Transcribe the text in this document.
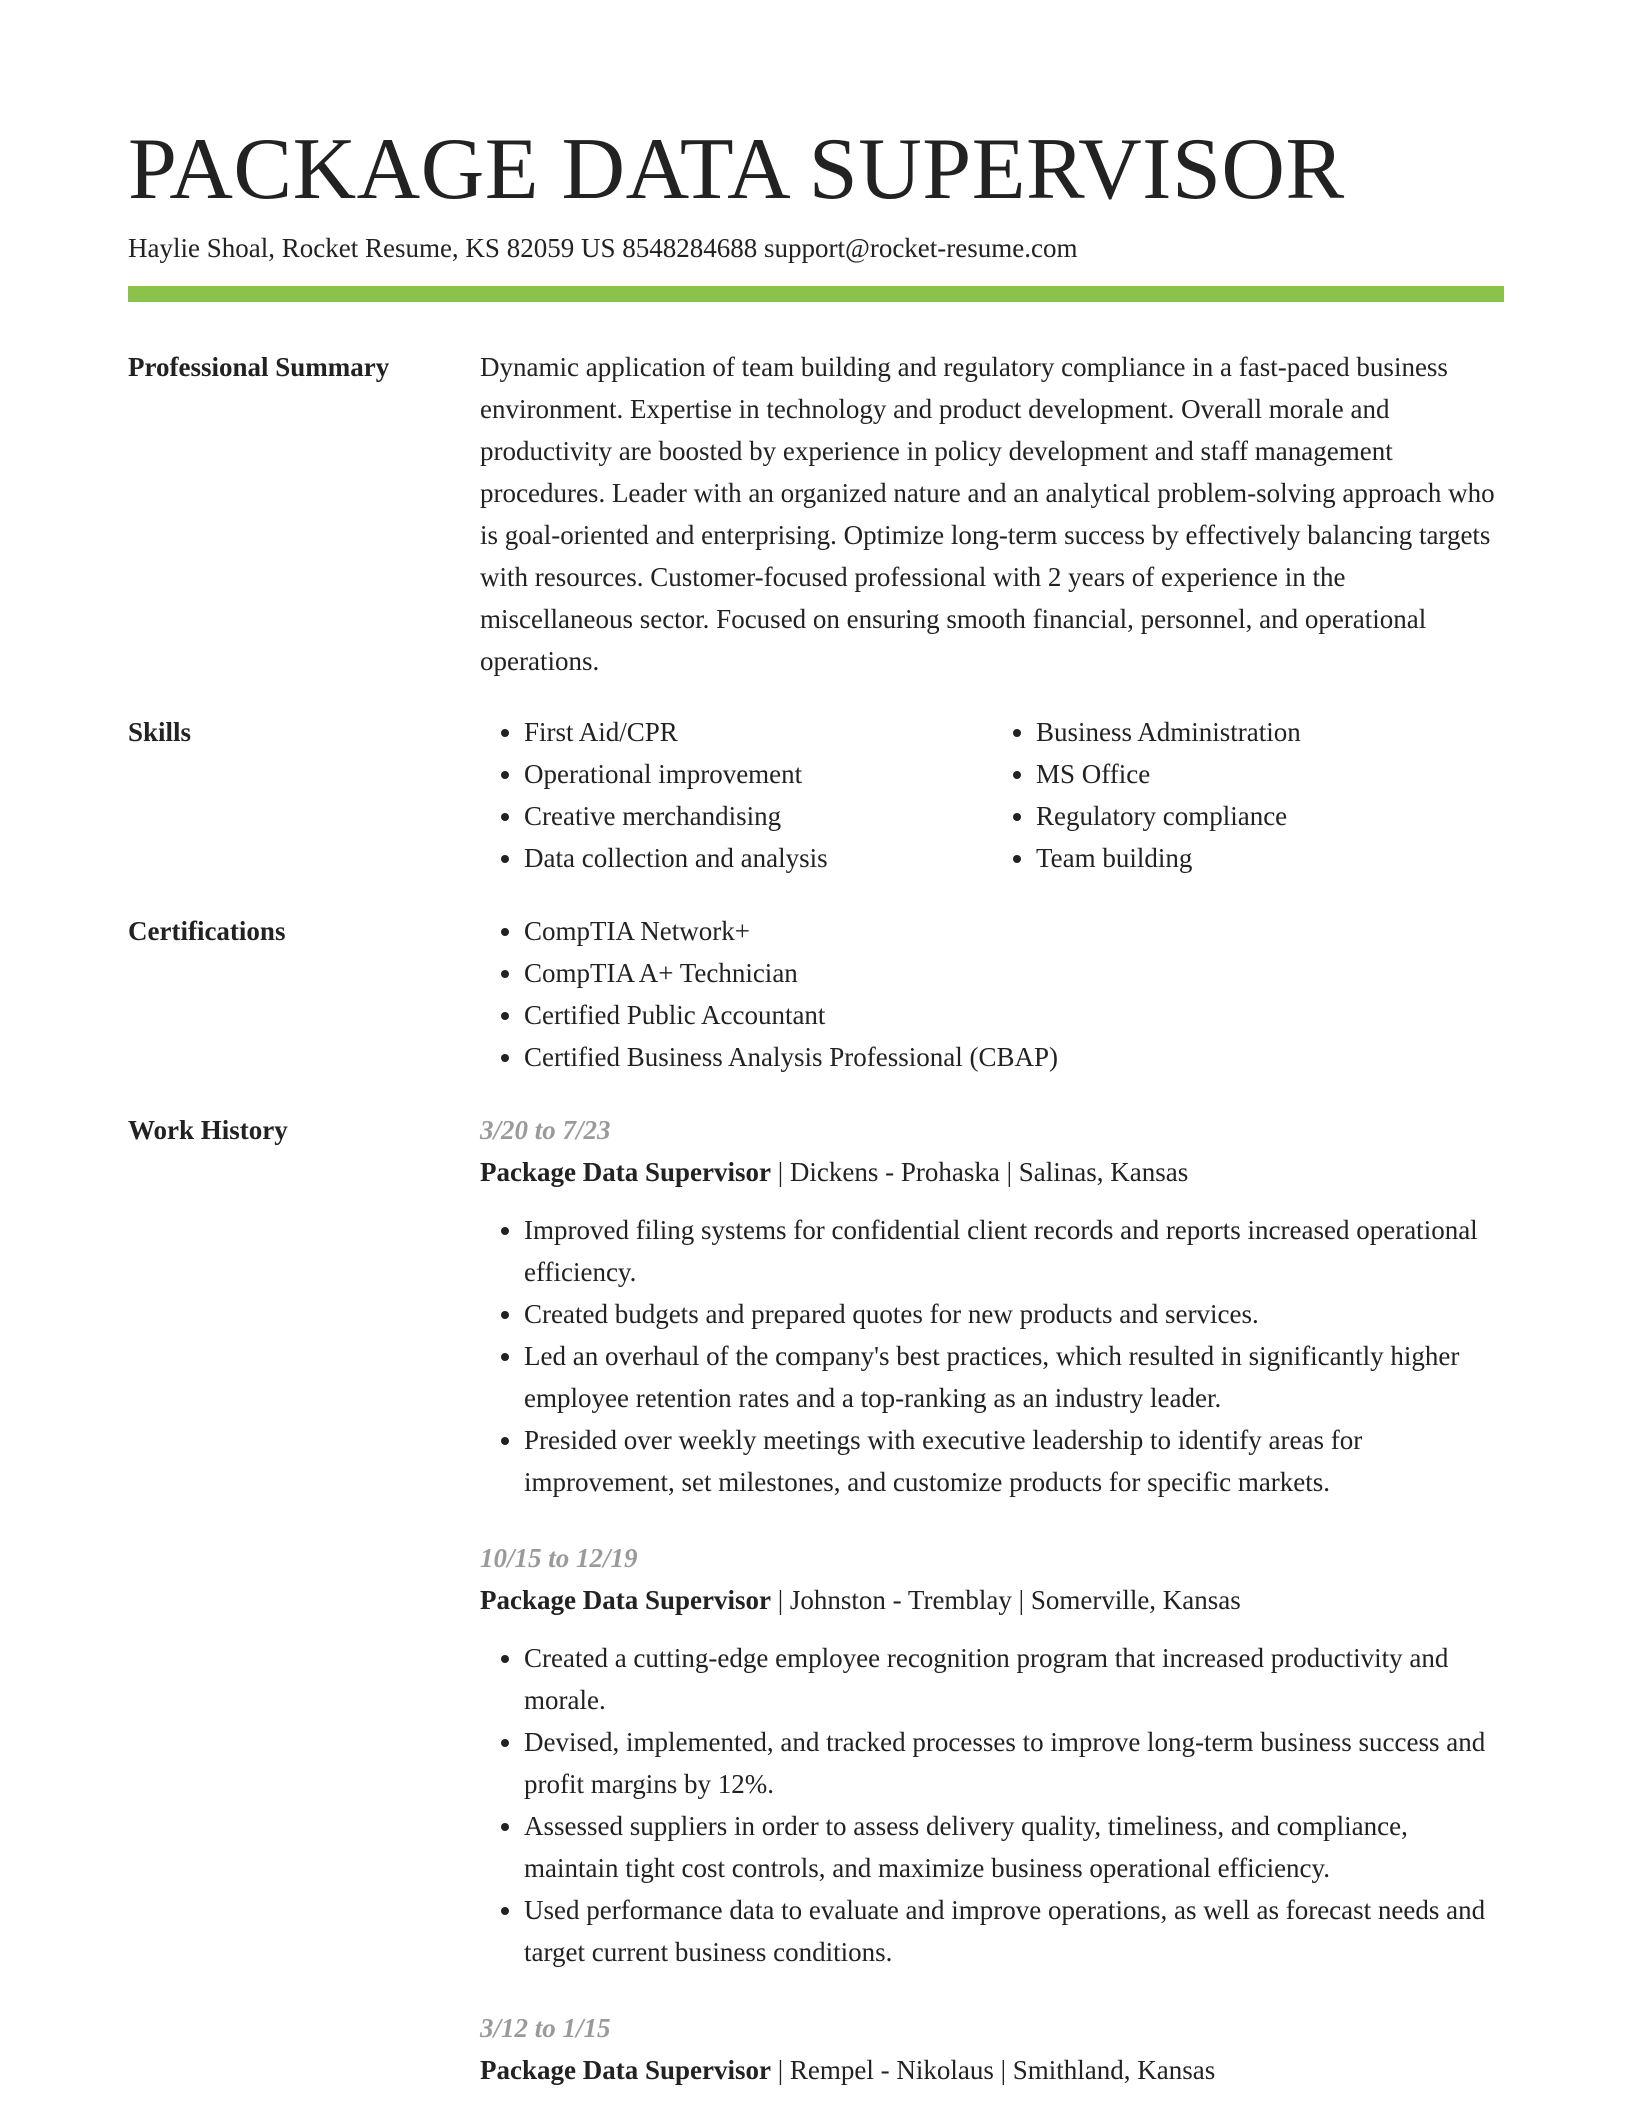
PACKAGE DATA SUPERVISOR
Haylie Shoal, Rocket Resume, KS 82059 US 8548284688 support@rocket-resume.com
Professional Summary	Dynamic application of team building and regulatory compliance in a fast-paced business environment. Expertise in technology and product development. Overall morale and productivity are boosted by experience in policy development and staff management procedures. Leader with an organized nature and an analytical problem-solving approach who is goal-oriented and enterprising. Optimize long-term success by effectively balancing targets with resources. Customer-focused professional with 2 years of experience in the miscellaneous sector. Focused on ensuring smooth financial, personnel, and operational operations.

Skills	• First Aid/CPR
• Operational improvement
• Creative merchandising
• Data collection and analysis
• Business Administration
• MS Office
• Regulatory compliance
• Team building
Certifications	• CompTIA Network+
• CompTIA A+ Technician
• Certified Public Accountant
• Certified Business Analysis Professional (CBAP)
Work History	3/20 to 7/23
Package Data Supervisor | Dickens - Prohaska | Salinas, Kansas
• Improved filing systems for confidential client records and reports increased operational efficiency.
• Created budgets and prepared quotes for new products and services.
• Led an overhaul of the company's best practices, which resulted in significantly higher employee retention rates and a top-ranking as an industry leader.
• Presided over weekly meetings with executive leadership to identify areas for improvement, set milestones, and customize products for specific markets.
10/15 to 12/19
Package Data Supervisor | Johnston - Tremblay | Somerville, Kansas
• Created a cutting-edge employee recognition program that increased productivity and morale.
• Devised, implemented, and tracked processes to improve long-term business success and profit margins by 12%.
• Assessed suppliers in order to assess delivery quality, timeliness, and compliance, maintain tight cost controls, and maximize business operational efficiency.
• Used performance data to evaluate and improve operations, as well as forecast needs and target current business conditions.
3/12 to 1/15
Package Data Supervisor | Rempel - Nikolaus | Smithland, Kansas
